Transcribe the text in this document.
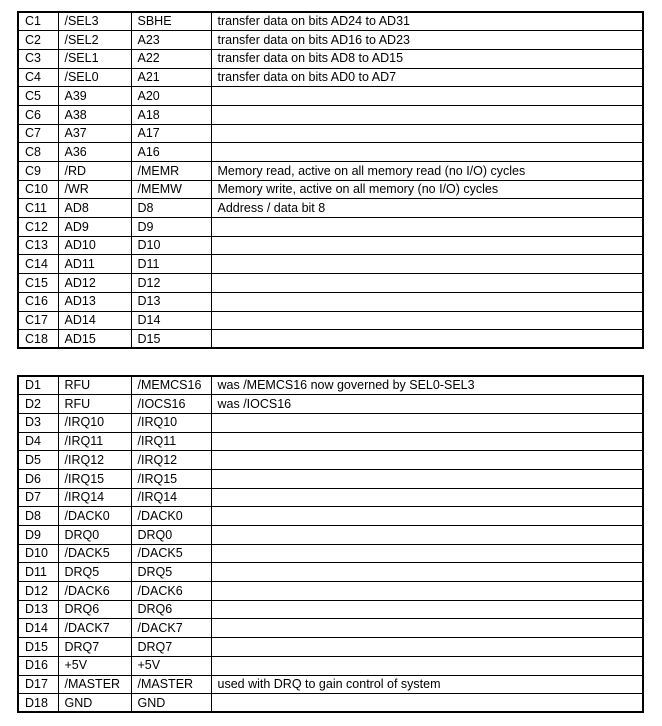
C1	/SEL3	SBHE	transfer data on bits AD24 to AD31
C2	/SEL2	A23	transfer data on bits AD16 to AD23
C3	/SEL1	A22	transfer data on bits AD8 to AD15
C4	/SEL0	A21	transfer data on bits AD0 to AD7
C5	A39	A20	
C6	A38	A18	
C7	A37	A17	
C8	A36	A16	
C9	/RD	/MEMR	Memory read, active on all memory read (no I/O) cycles
C10	/WR	/MEMW	Memory write, active on all memory (no I/O) cycles
C11	AD8	D8	Address / data bit 8
C12	AD9	D9	
C13	AD10	D10	
C14	AD11	D11	
C15	AD12	D12	
C16	AD13	D13	
C17	AD14	D14	
C18	AD15	D15	
D1	RFU	/MEMCS16	was /MEMCS16 now governed by SEL0-SEL3
D2	RFU	/IOCS16	was /IOCS16
D3	/IRQ10	/IRQ10	
D4	/IRQ11	/IRQ11	
D5	/IRQ12	/IRQ12	
D6	/IRQ15	/IRQ15	
D7	/IRQ14	/IRQ14	
D8	/DACK0	/DACK0	
D9	DRQ0	DRQ0	
D10	/DACK5	/DACK5	
D11	DRQ5	DRQ5	
D12	/DACK6	/DACK6	
D13	DRQ6	DRQ6	
D14	/DACK7	/DACK7	
D15	DRQ7	DRQ7	
D16	+5V	+5V	
D17	/MASTER	/MASTER	used with DRQ to gain control of system
D18	GND	GND	
